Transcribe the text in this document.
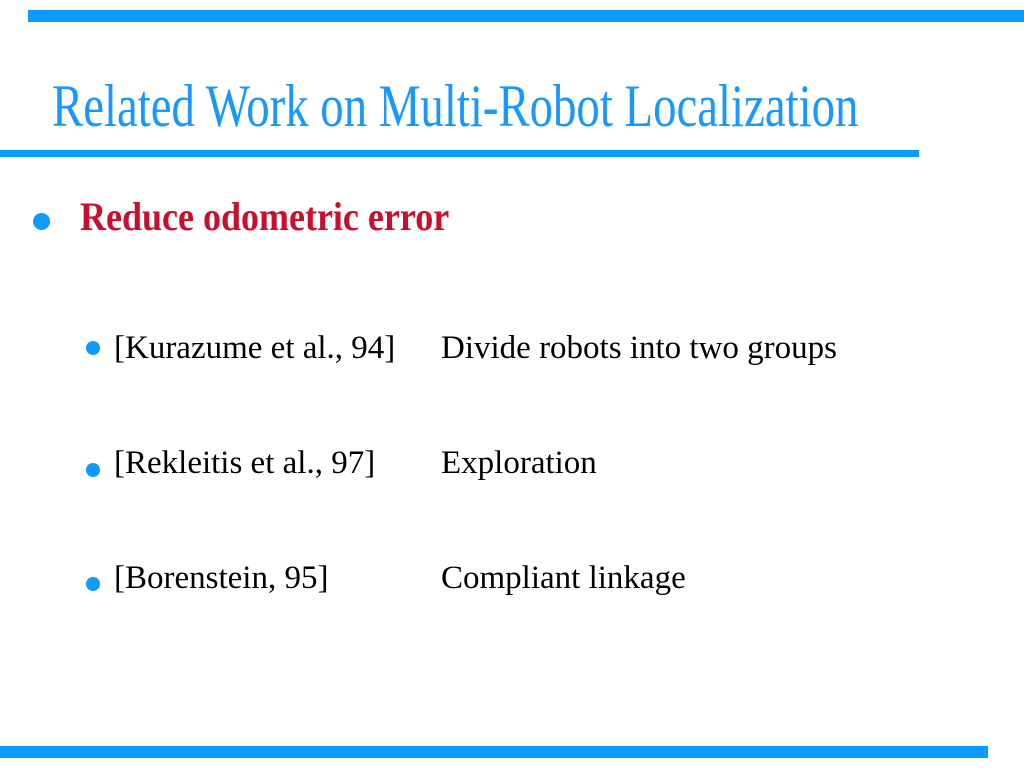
Related Work on Multi-Robot Localization
Reduce odometric error
[Kurazume et al., 94] Divide robots into two groups
[Rekleitis et al., 97] Exploration
[Borenstein, 95]	Compliant linkage
